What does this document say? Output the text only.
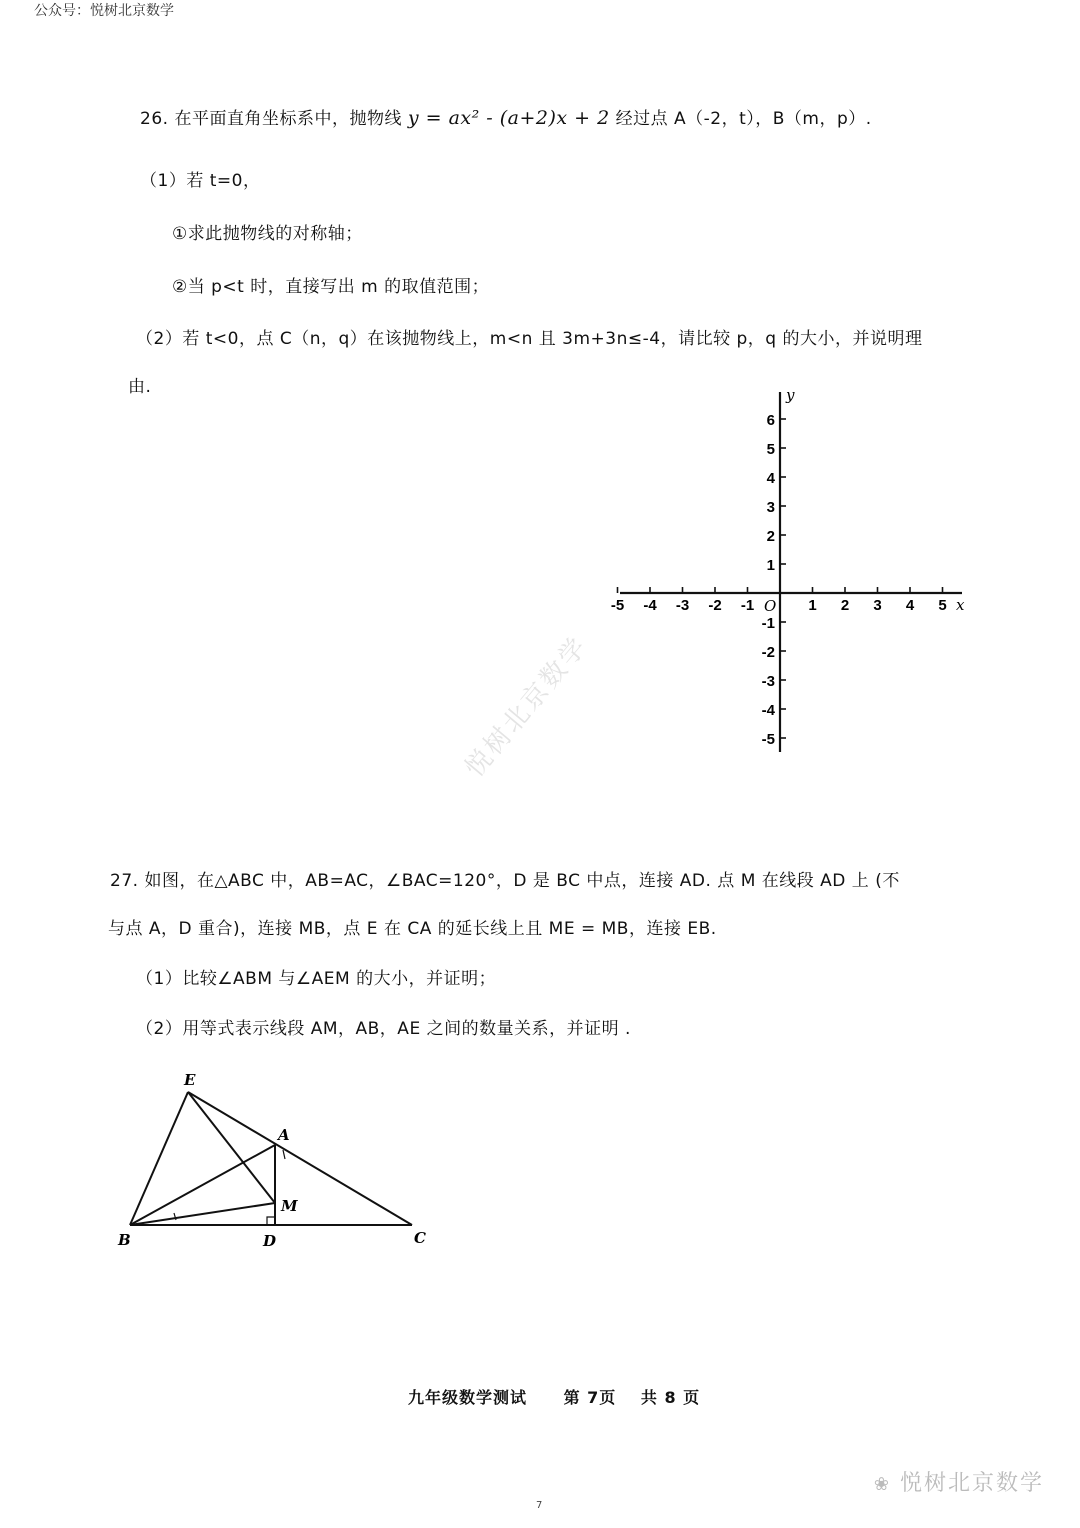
公众号：悦树北京数学
26. 在平面直角坐标系中，抛物线 y = ax² - (a+2)x + 2 经过点 A（-2，t），B（m，p）.
（1）若 t=0，
①求此抛物线的对称轴；
②当 p<t 时，直接写出 m 的取值范围；
（2）若 t<0，点 C（n，q）在该抛物线上，m<n 且 3m+3n≤-4，请比较 p，q 的大小，并说明理
由.
-5 -4 -3 -2 -1	1 2 3 4 5
6
5
4
3
2
1
-1
-2
-3
-4
-5
x
y
O
悦树北京数学
27. 如图，在△ABC 中，AB=AC，∠BAC=120°，D 是 BC 中点，连接 AD. 点 M 在线段 AD 上 (不
与点 A，D 重合)，连接 MB，点 E 在 CA 的延长线上且 ME = MB，连接 EB.
（1）比较∠ABM 与∠AEM 的大小，并证明；
（2）用等式表示线段 AM，AB，AE 之间的数量关系，并证明 .
E
A
M
B	D	C
九年级数学测试 第 7页 共 8 页
❀ 悦树北京数学
7
